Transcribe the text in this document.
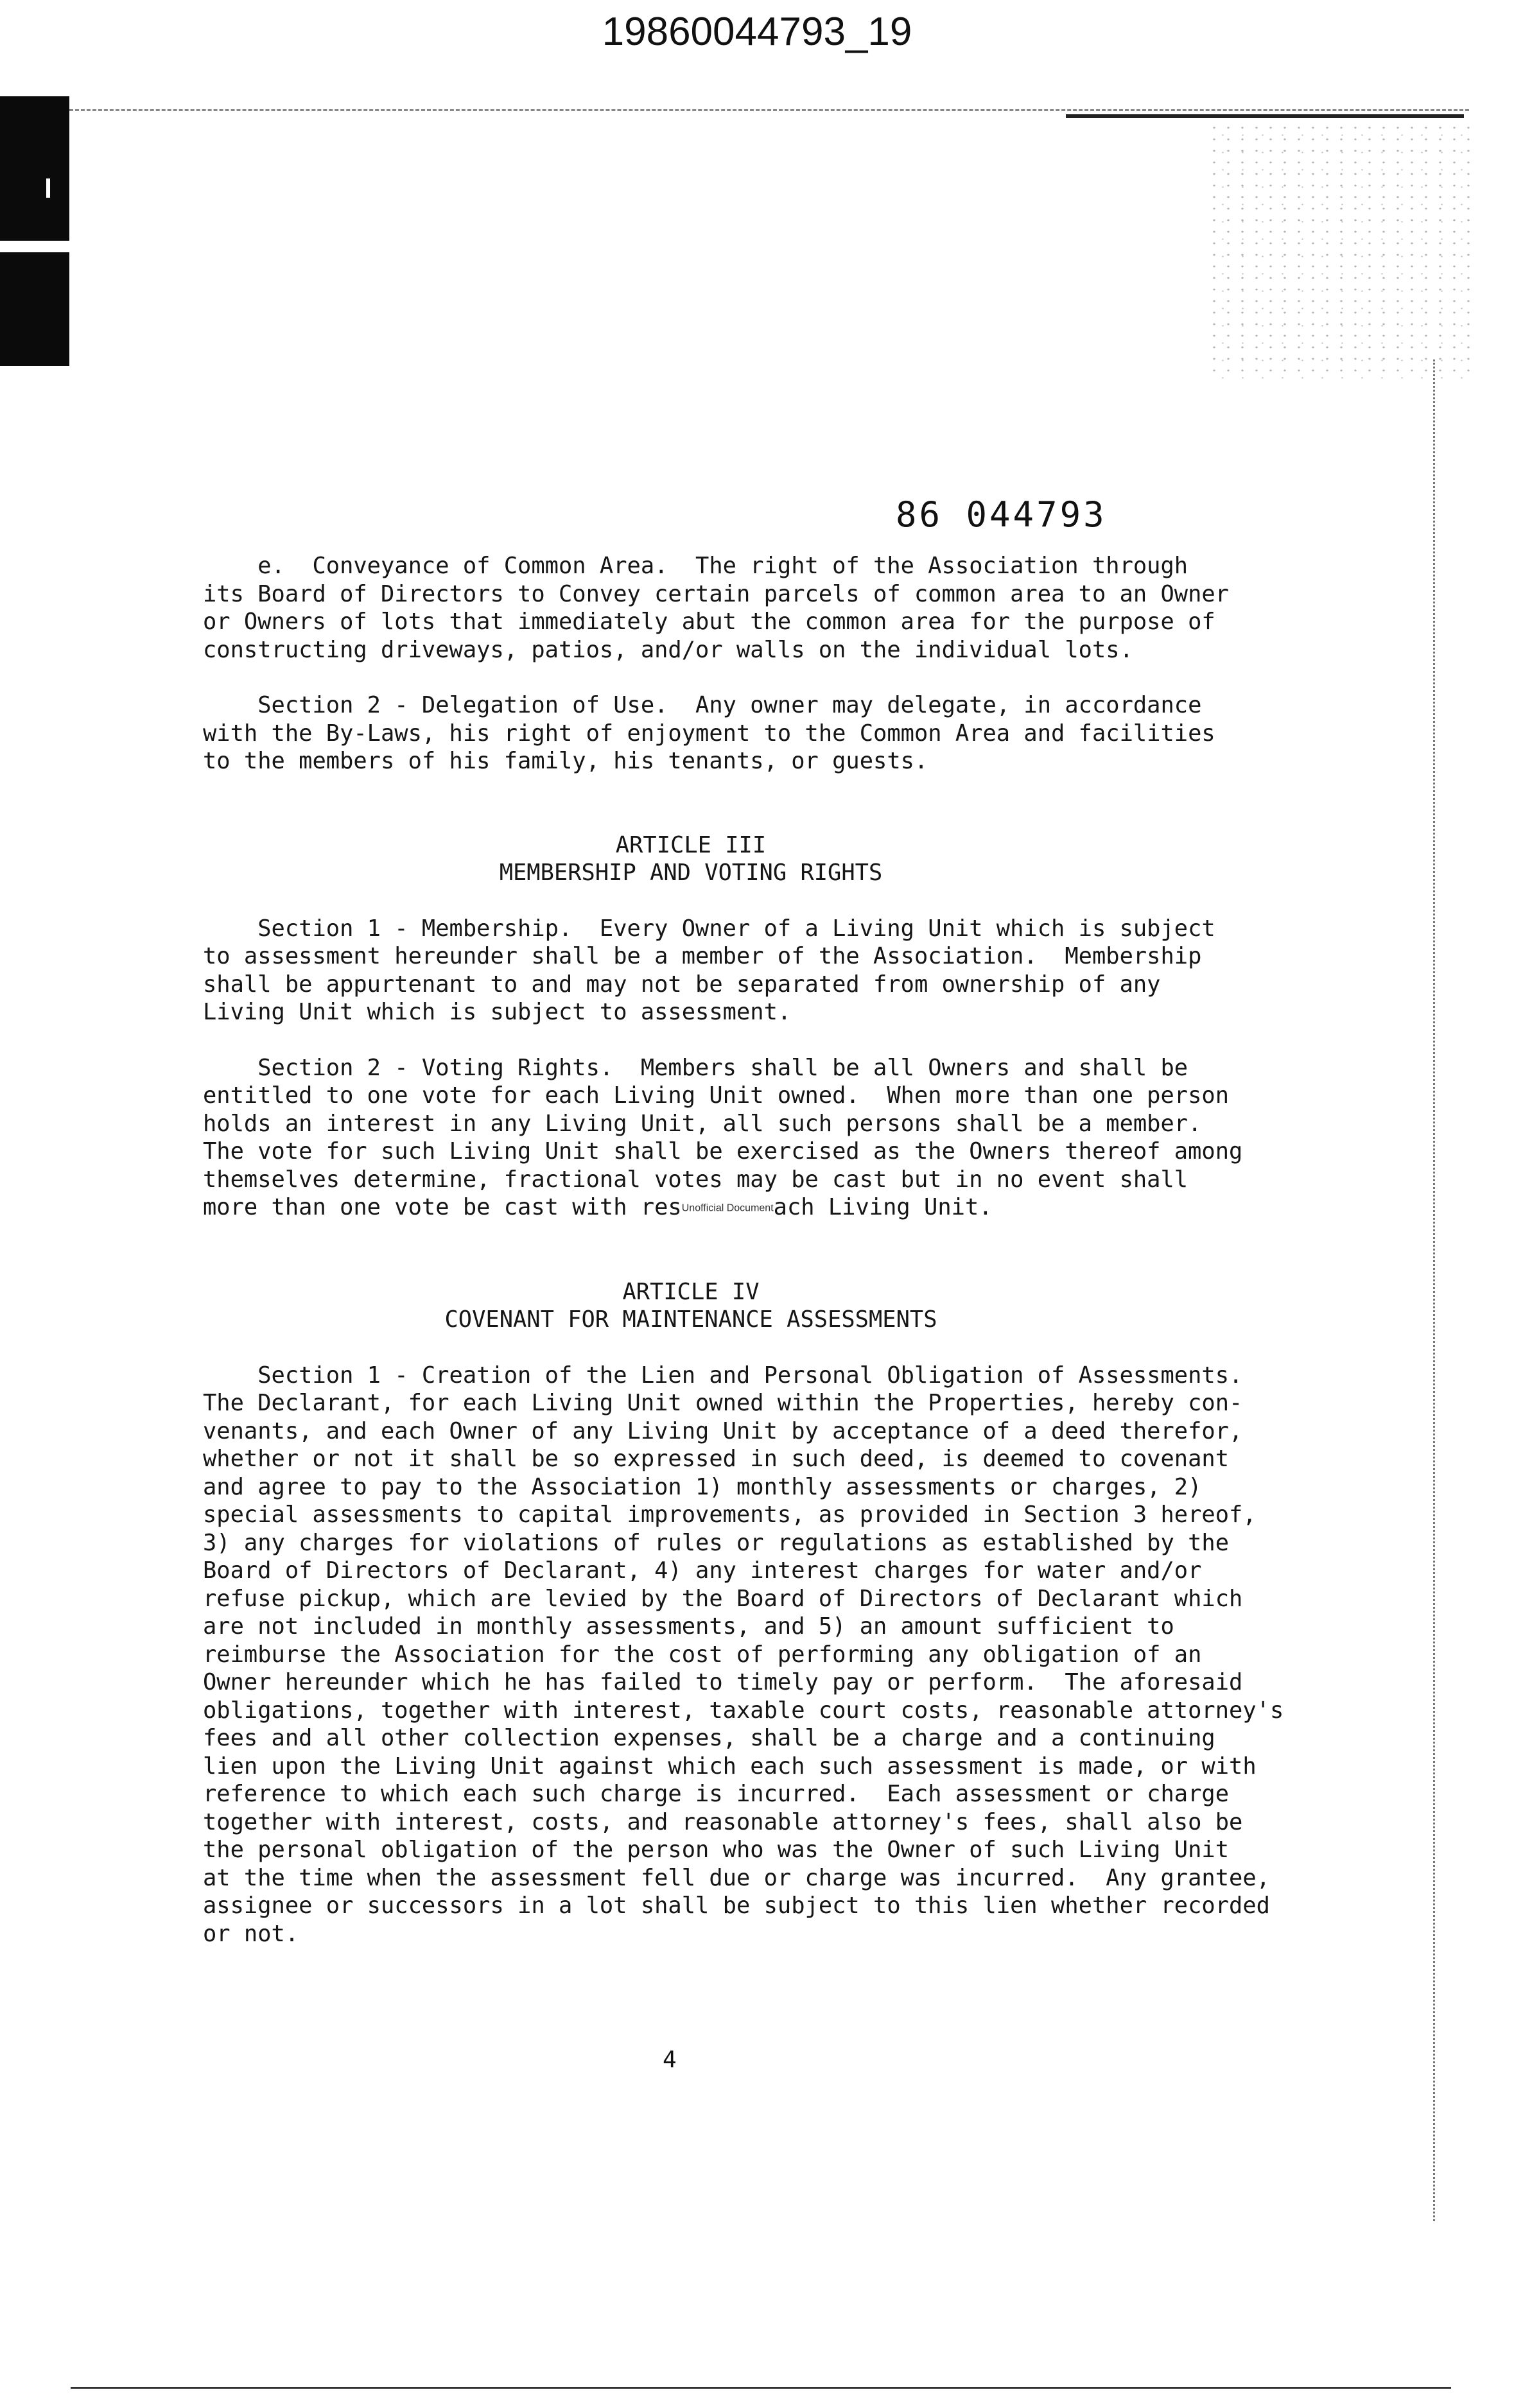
19860044793_19
86 044793

e.  Conveyance of Common Area.  The right of the Association through

its Board of Directors to Convey certain parcels of common area to an Owner

or Owners of lots that immediately abut the common area for the purpose of

constructing driveways, patios, and/or walls on the individual lots.

Section 2 - Delegation of Use.  Any owner may delegate, in accordance

with the By-Laws, his right of enjoyment to the Common Area and facilities

to the members of his family, his tenants, or guests.

ARTICLE III

MEMBERSHIP AND VOTING RIGHTS

Section 1 - Membership.  Every Owner of a Living Unit which is subject

to assessment hereunder shall be a member of the Association.  Membership

shall be appurtenant to and may not be separated from ownership of any

Living Unit which is subject to assessment.

Section 2 - Voting Rights.  Members shall be all Owners and shall be

entitled to one vote for each Living Unit owned.  When more than one person

holds an interest in any Living Unit, all such persons shall be a member.

The vote for such Living Unit shall be exercised as the Owners thereof among

themselves determine, fractional votes may be cast but in no event shall

more than one vote be cast with resUnofficial Documentach Living Unit.

ARTICLE IV

COVENANT FOR MAINTENANCE ASSESSMENTS

Section 1 - Creation of the Lien and Personal Obligation of Assessments.

The Declarant, for each Living Unit owned within the Properties, hereby con-

venants, and each Owner of any Living Unit by acceptance of a deed therefor,

whether or not it shall be so expressed in such deed, is deemed to covenant

and agree to pay to the Association 1) monthly assessments or charges, 2)

special assessments to capital improvements, as provided in Section 3 hereof,

3) any charges for violations of rules or regulations as established by the

Board of Directors of Declarant, 4) any interest charges for water and/or

refuse pickup, which are levied by the Board of Directors of Declarant which

are not included in monthly assessments, and 5) an amount sufficient to

reimburse the Association for the cost of performing any obligation of an

Owner hereunder which he has failed to timely pay or perform.  The aforesaid

obligations, together with interest, taxable court costs, reasonable attorney's

fees and all other collection expenses, shall be a charge and a continuing

lien upon the Living Unit against which each such assessment is made, or with

reference to which each such charge is incurred.  Each assessment or charge

together with interest, costs, and reasonable attorney's fees, shall also be

the personal obligation of the person who was the Owner of such Living Unit

at the time when the assessment fell due or charge was incurred.  Any grantee,

assignee or successors in a lot shall be subject to this lien whether recorded

or not.

4
